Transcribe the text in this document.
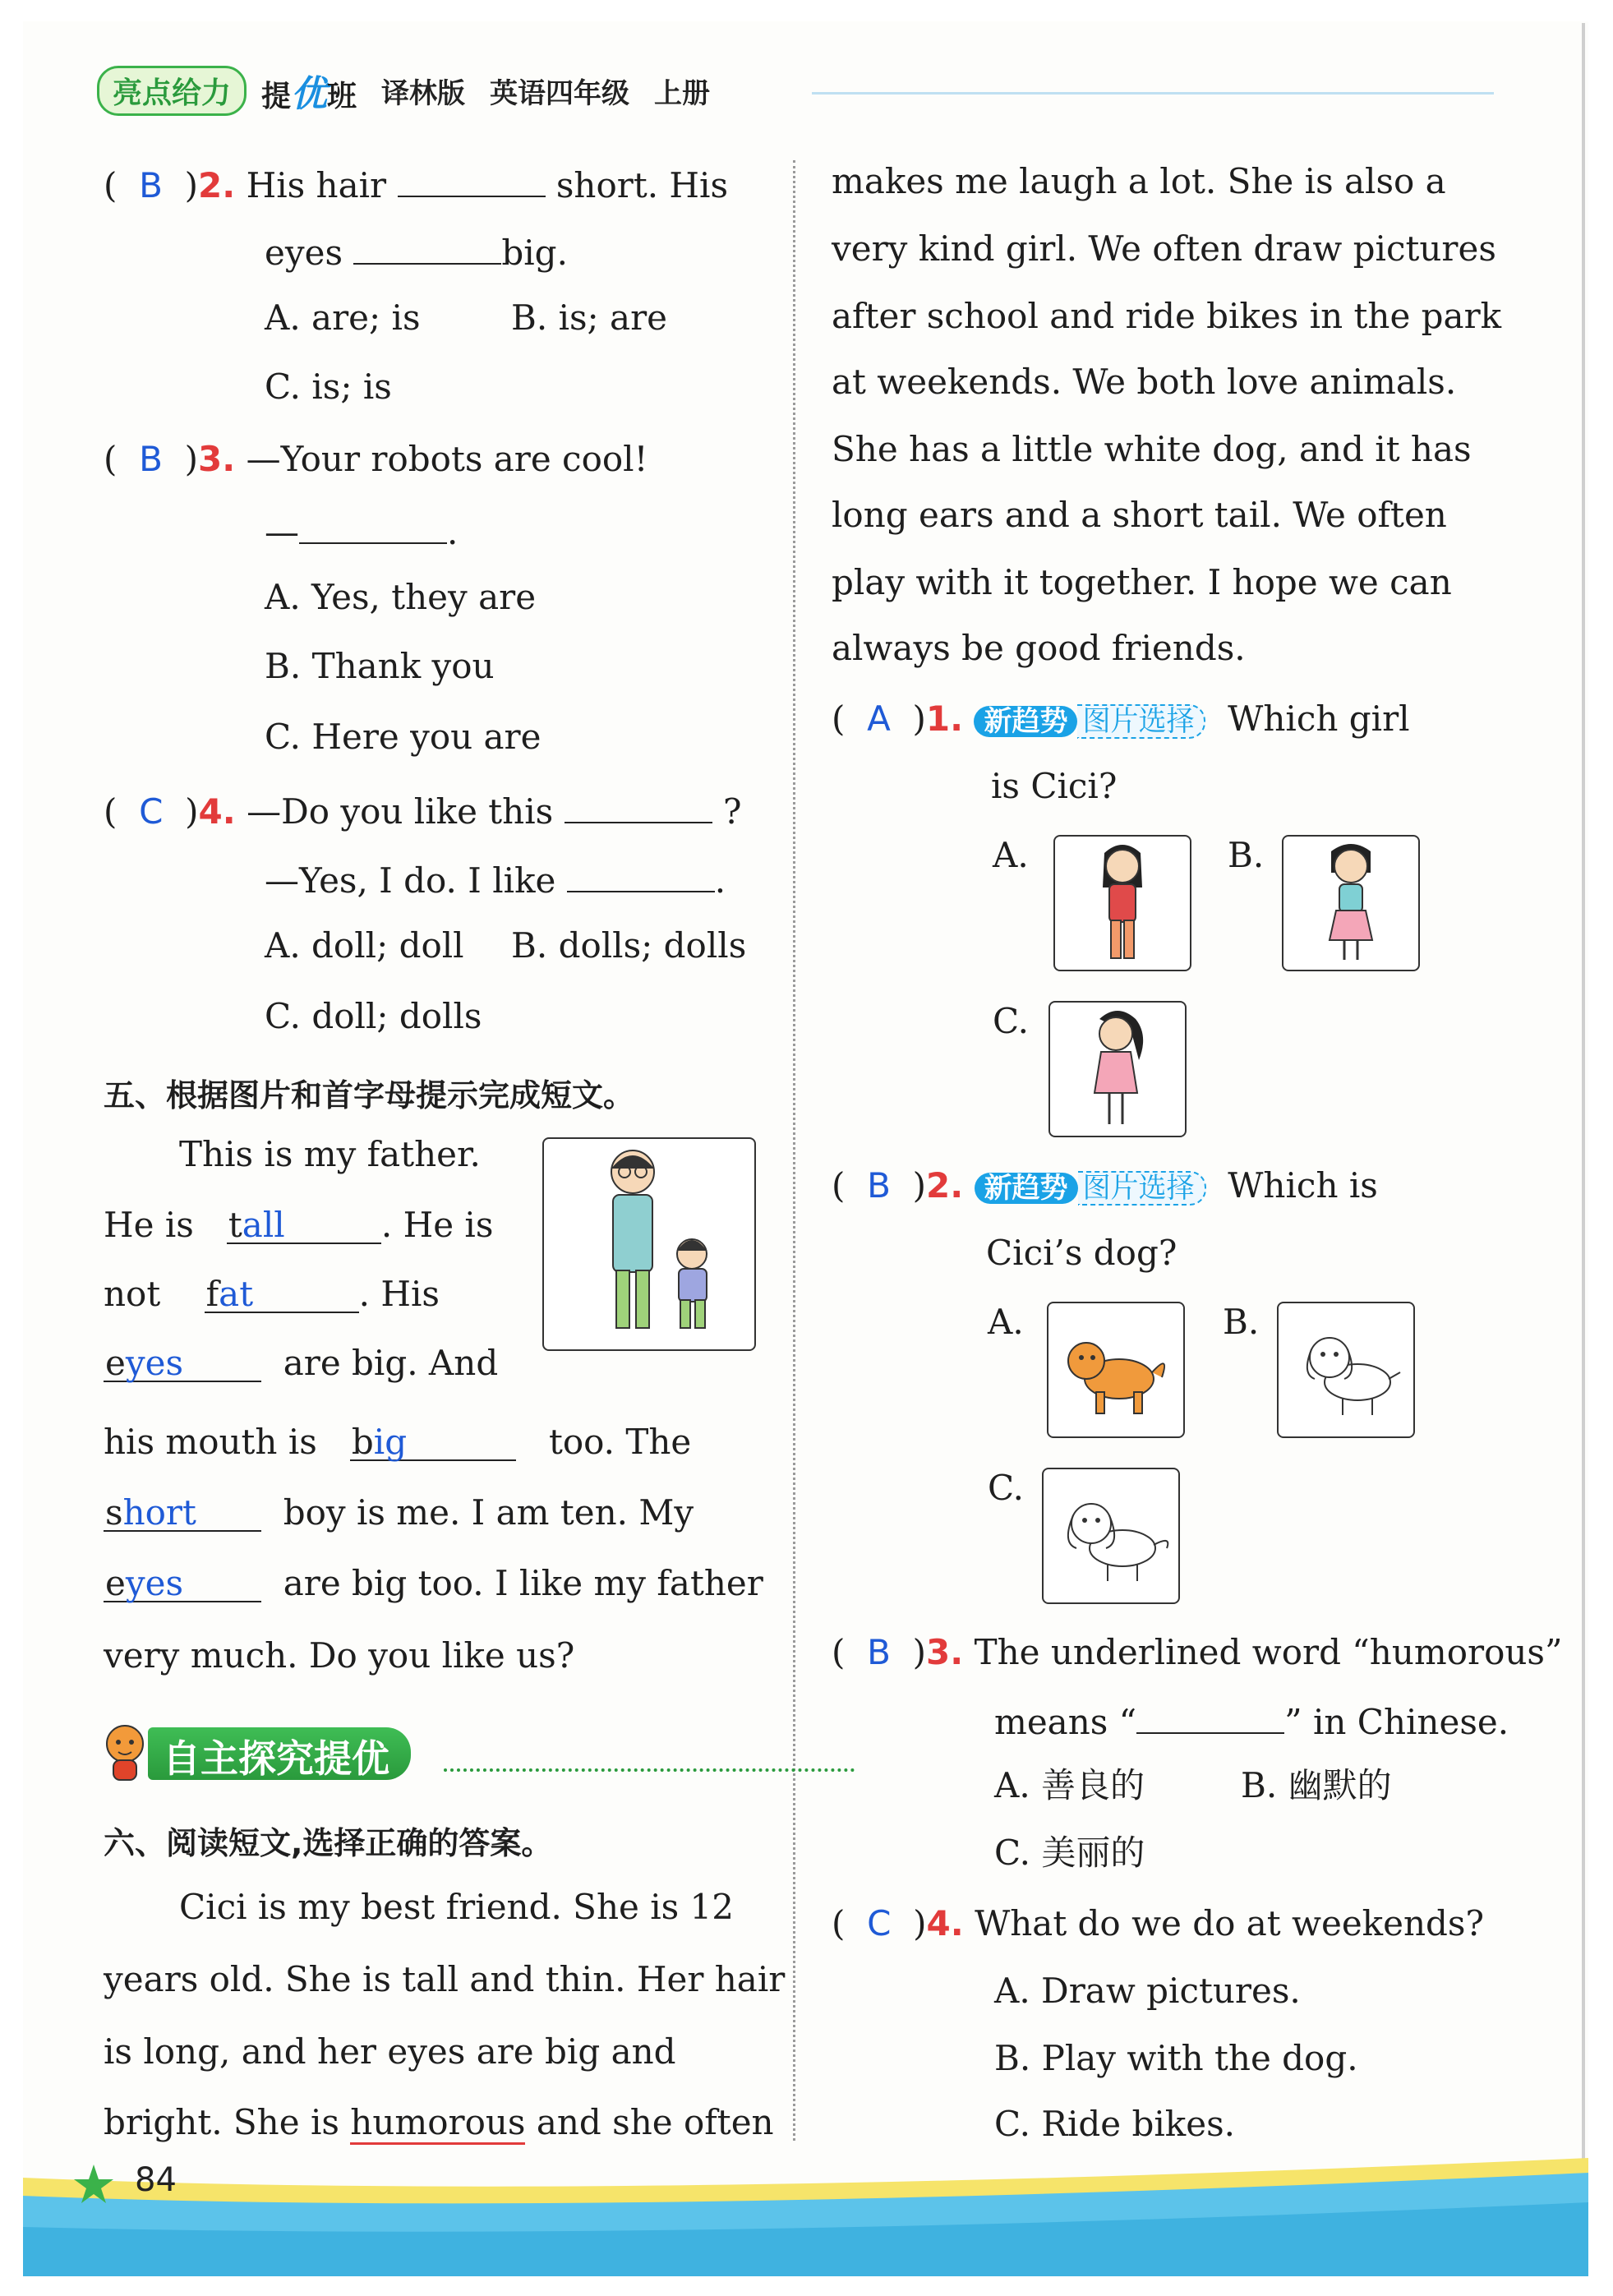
亮点给力	提优班 译林版 英语四年级 上册
(  B  )2. His hair	short. His
eyes	big.
A. are; is	B. is; are
C. is; is
(  B  )3. —Your robots are cool!
—	.
A. Yes, they are
B. Thank you
C. Here you are
(  C  )4. —Do you like this	?
—Yes, I do. I like	.
A. doll; doll B. dolls; dolls
C. doll; dolls
五、根据图片和首字母提示完成短文。
This is my father.
He is tall	. He is
not fat	. His
eyes	are big. And
his mouth is big	too. The
short	boy is me. I am ten. My
eyes	are big too. I like my father
very much. Do you like us?
自主探究提优
六、阅读短文,选择正确的答案。
Cici is my best friend. She is 12
years old. She is tall and thin. Her hair
is long, and her eyes are big and
bright. She is humorous and she often
makes me laugh a lot. She is also a
very kind girl. We often draw pictures
after school and ride bikes in the park
at weekends. We both love animals.
She has a little white dog, and it has
long ears and a short tail. We often
play with it together. I hope we can
always be good friends.
(  A  )1. 新趋势 图片选择 Which girl
is Cici?
A.	B.
C.
(  B  )2. 新趋势 图片选择 Which is
Cici’s dog?
A.	B.
C.
(  B  )3. The underlined word “humorous”
means “	” in Chinese.
A. 善良的	B. 幽默的
C. 美丽的
(  C  )4. What do we do at weekends?
A. Draw pictures.
B. Play with the dog.
C. Ride bikes.
84
